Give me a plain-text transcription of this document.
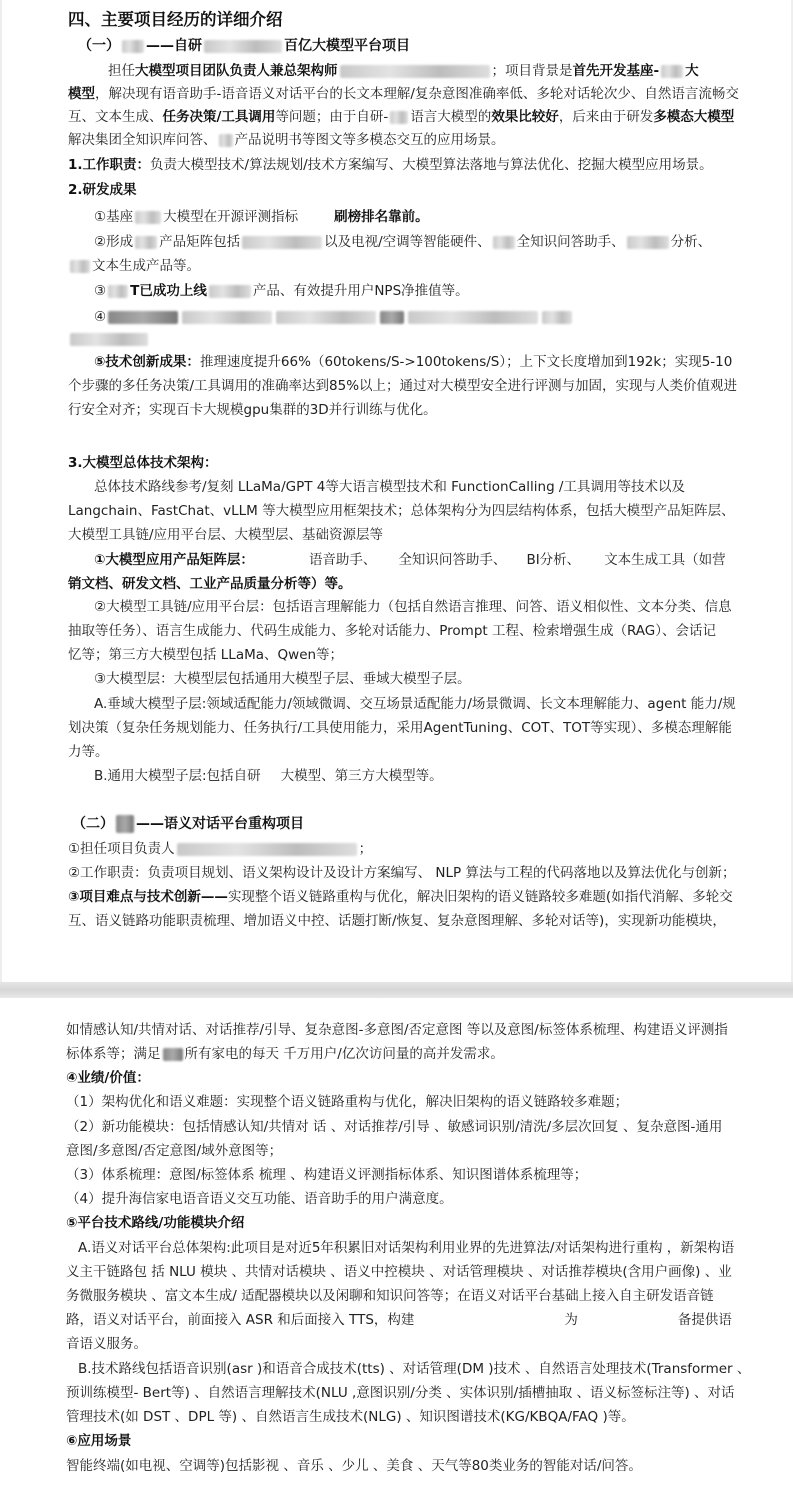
四、主要项目经历的详细介绍
（一） ——自研	百亿大模型平台项目
担任大模型项目团队负责人兼总架构师	；项目背景是首先开发基座- 大
模型，解决现有语音助手-语音语义对话平台的长文本理解/复杂意图准确率低、多轮对话轮次少、自然语言流畅交
互、文本生成、任务决策/工具调用等问题；由于自研- 语言大模型的效果比较好，后来由于研发多模态大模型
解决集团全知识库问答、 产品说明书等图文等多模态交互的应用场景。
1.工作职责：负责大模型技术/算法规划/技术方案编写、大模型算法落地与算法优化、挖掘大模型应用场景。
2.研发成果
①基座 大模型在开源评测指标	刷榜排名靠前。
②形成 产品矩阵包括	以及电视/空调等智能硬件、 全知识问答助手、	分析、
文本生成产品等。
③ T已成功上线	产品、有效提升用户NPS净推值等。
④
⑤技术创新成果：推理速度提升66%（60tokens/S->100tokens/S）；上下文长度增加到192k；实现5-10
个步骤的多任务决策/工具调用的准确率达到85%以上；通过对大模型安全进行评测与加固，实现与人类价值观进
行安全对齐；实现百卡大规模gpu集群的3D并行训练与优化。
3.大模型总体技术架构：
总体技术路线参考/复刻 LLaMa/GPT 4等大语言模型技术和 FunctionCalling /工具调用等技术以及
Langchain、FastChat、vLLM 等大模型应用框架技术；总体架构分为四层结构体系，包括大模型产品矩阵层、
大模型工具链/应用平台层、大模型层、基础资源层等
①大模型应用产品矩阵层：	语音助手、 全知识问答助手、 BI分析、 文本生成工具（如营
销文档、研发文档、工业产品质量分析等）等。
②大模型工具链/应用平台层：包括语言理解能力（包括自然语言推理、问答、语义相似性、文本分类、信息
抽取等任务）、语言生成能力、代码生成能力、多轮对话能力、Prompt 工程、检索增强生成（RAG）、会话记
忆等；第三方大模型包括 LLaMa、Qwen等；
③大模型层：大模型层包括通用大模型子层、垂域大模型子层。
A.垂域大模型子层:领域适配能力/领域微调、交互场景适配能力/场景微调、长文本理解能力、agent 能力/规
划决策（复杂任务规划能力、任务执行/工具使用能力，采用AgentTuning、COT、TOT等实现）、多模态理解能
力等。
B.通用大模型子层:包括自研 大模型、第三方大模型等。
（二） ——语义对话平台重构项目
①担任项目负责人	；
②工作职责：负责项目规划、语义架构设计及设计方案编写、 NLP 算法与工程的代码落地以及算法优化与创新；
③项目难点与技术创新——实现整个语义链路重构与优化，解决旧架构的语义链路较多难题(如指代消解、多轮交
互、语义链路功能职责梳理、增加语义中控、话题打断/恢复、复杂意图理解、多轮对话等)，实现新功能模块，
如情感认知/共情对话、对话推荐/引导、复杂意图-多意图/否定意图 等以及意图/标签体系梳理、构建语义评测指
标体系等；满足 所有家电的每天 千万用户/亿次访问量的高并发需求。
④业绩/价值：
（1）架构优化和语义难题：实现整个语义链路重构与优化，解决旧架构的语义链路较多难题；
（2）新功能模块：包括情感认知/共情对 话 、对话推荐/引导 、敏感词识别/清洗/多层次回复 、复杂意图-通用
意图/多意图/否定意图/域外意图等；
（3）体系梳理：意图/标签体系 梳理 、构建语义评测指标体系、知识图谱体系梳理等；
（4）提升海信家电语音语义交互功能、语音助手的用户满意度。
⑤平台技术路线/功能模块介绍
A.语义对话平台总体架构:此项目是对近5年积累旧对话架构利用业界的先进算法/对话架构进行重构 ，新架构语
义主干链路包 括 NLU 模块 、共情对话模块 、语义中控模块 、对话管理模块 、对话推荐模块(含用户画像) 、业
务微服务模块 、富文本生成/ 适配器模块以及闲聊和知识问答等；在语义对话平台基础上接入自主研发语音链
路，语义对话平台，前面接入 ASR 和后面接入 TTS，构建	为	备提供语
音语义服务。
B.技术路线包括语音识别(asr )和语音合成技术(tts) 、对话管理(DM )技术 、自然语言处理技术(Transformer 、
预训练模型- Bert等) 、自然语言理解技术(NLU ,意图识别/分类 、实体识别/插槽抽取 、语义标签标注等) 、对话
管理技术(如 DST 、DPL 等) 、自然语言生成技术(NLG) 、知识图谱技术(KG/KBQA/FAQ )等。
⑥应用场景
智能终端(如电视、空调等)包括影视 、音乐 、少儿 、美食 、天气等80类业务的智能对话/问答。
